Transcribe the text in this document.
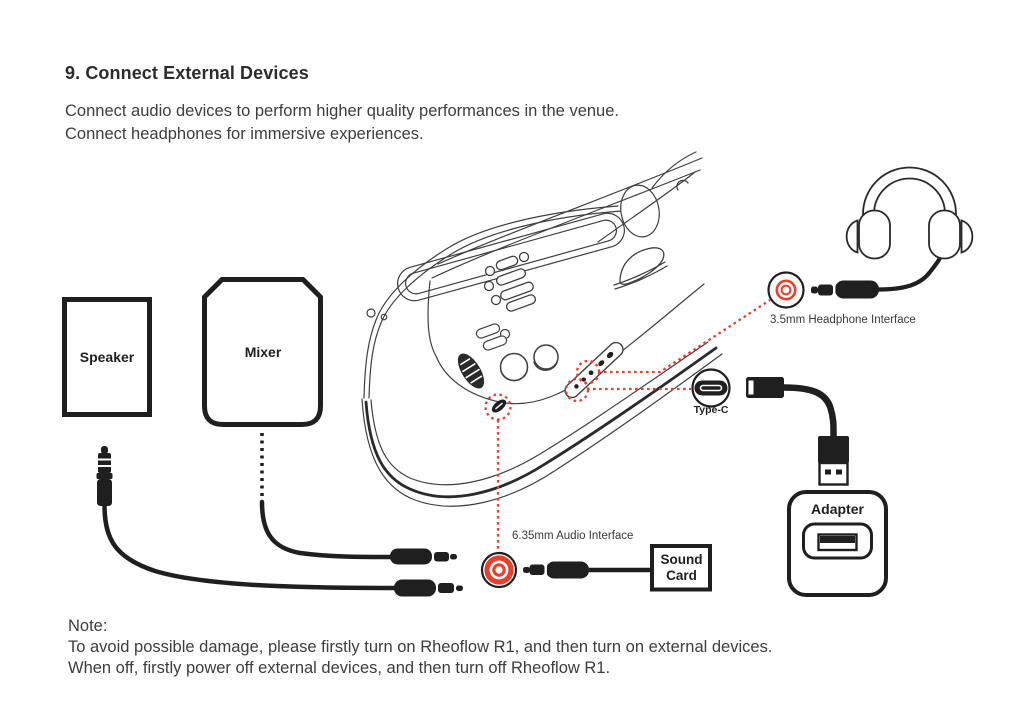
9. Connect External Devices
Connect audio devices to perform higher quality performances in the venue.
Connect headphones for immersive experiences.
Note:
To avoid possible damage, please firstly turn on Rheoflow R1, and then turn on external devices.
When off, firstly power off external devices, and then turn off Rheoflow R1.
Speaker	Mixer
Sound Card
Adapter
Type-C
3.5mm Headphone Interface
6.35mm Audio Interface
